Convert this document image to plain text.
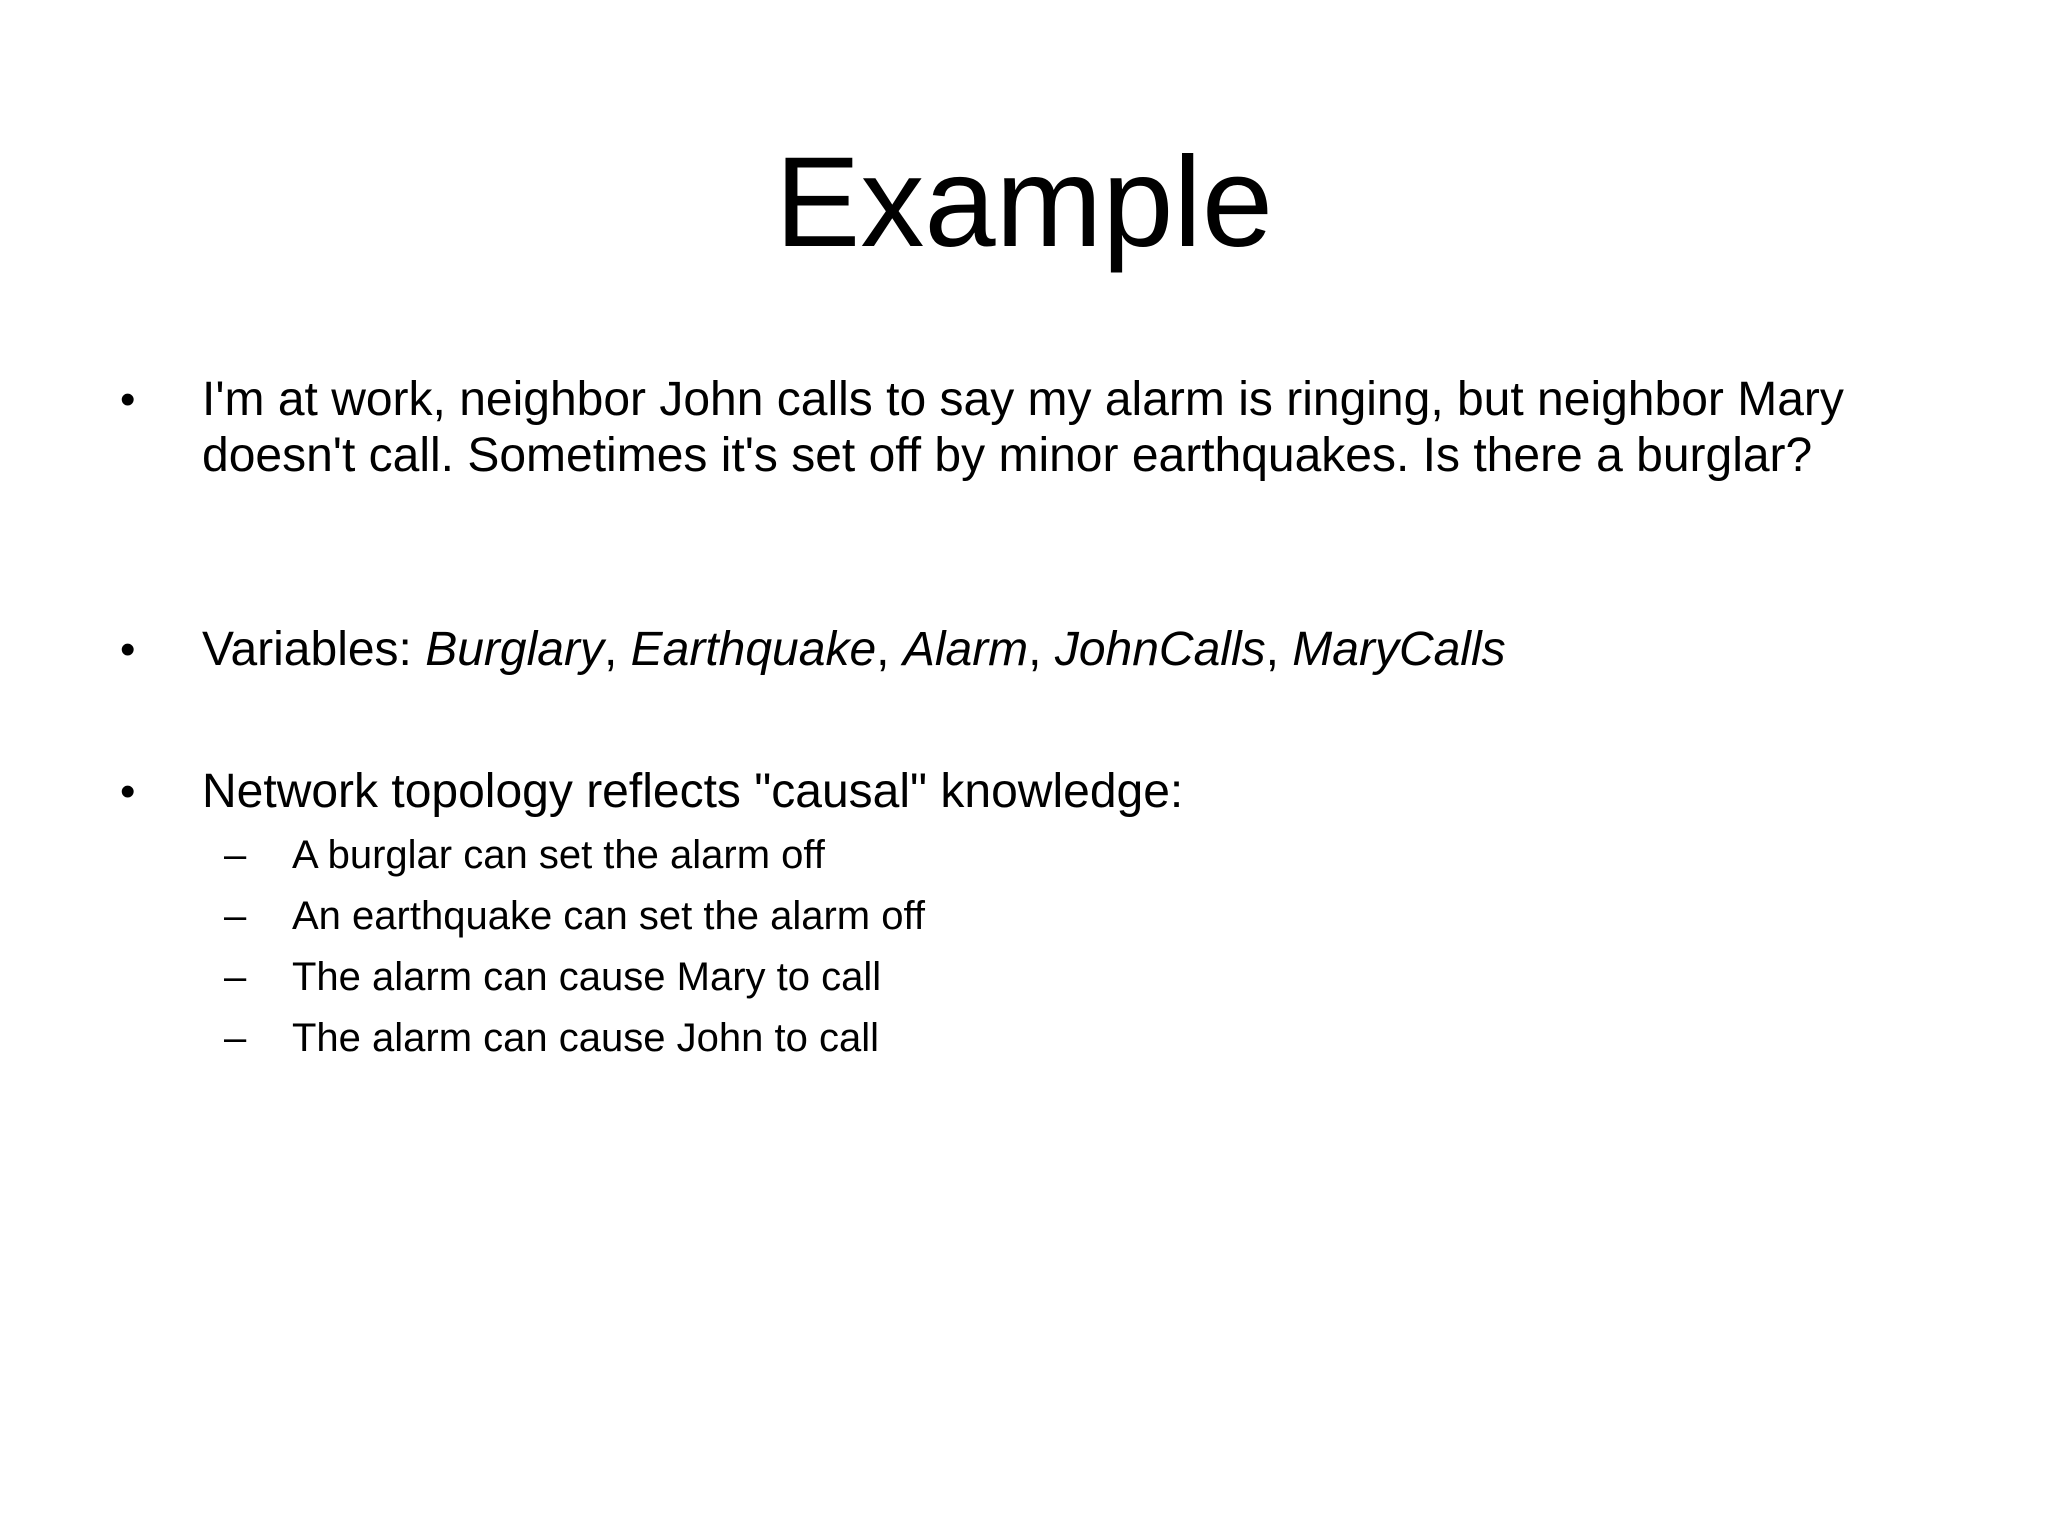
Example
•	I'm at work, neighbor John calls to say my alarm is ringing, but neighbor Mary doesn't call. Sometimes it's set off by minor earthquakes. Is there a burglar?
•	Variables: Burglary, Earthquake, Alarm, JohnCalls, MaryCalls
•	Network topology reflects "causal" knowledge:
– A burglar can set the alarm off
– An earthquake can set the alarm off
– The alarm can cause Mary to call
– The alarm can cause John to call
